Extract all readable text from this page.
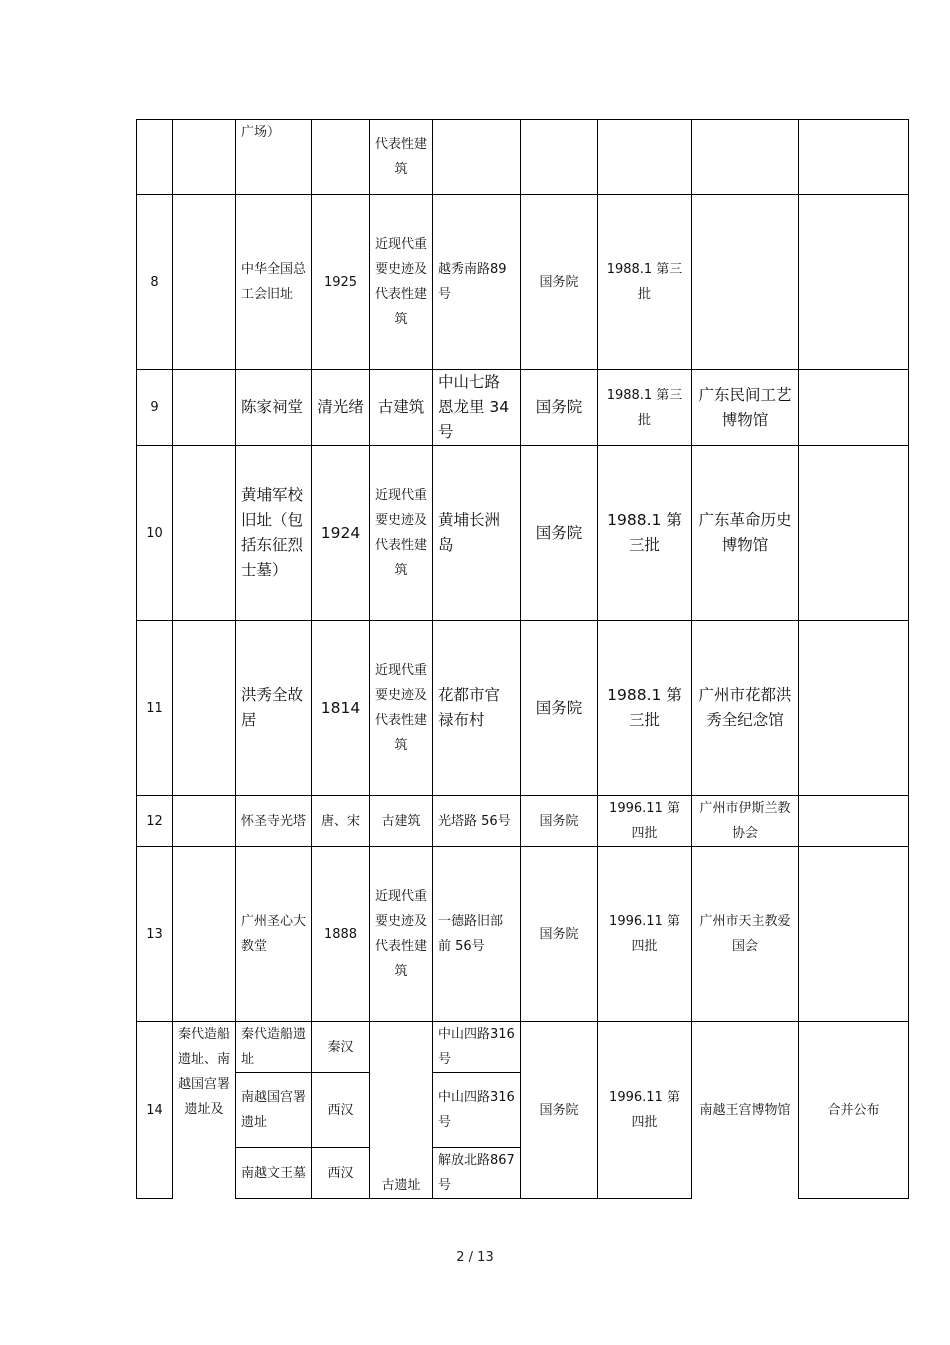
		广场）		代表性建筑					
8		中华全国总工会旧址	1925	近现代重要史迹及代表性建筑	越秀南路89号	国务院	1988.1 第三批		
9		陈家祠堂	清光绪	古建筑	中山七路恩龙里 34号	国务院	1988.1 第三批	广东民间工艺博物馆	
10		黄埔军校旧址（包括东征烈士墓）	1924	近现代重要史迹及代表性建筑	黄埔长洲岛	国务院	1988.1 第三批	广东革命历史博物馆	
11		洪秀全故居	1814	近现代重要史迹及代表性建筑	花都市官禄布村	国务院	1988.1 第三批	广州市花都洪秀全纪念馆	
12		怀圣寺光塔	唐、宋	古建筑	光塔路 56号	国务院	1996.11 第四批	广州市伊斯兰教协会	
13		广州圣心大教堂	1888	近现代重要史迹及代表性建筑	一德路旧部前 56号	国务院	1996.11 第四批	广州市天主教爱国会	
14	秦代造船遗址、南越国宫署遗址及	秦代造船遗址	秦汉	古遗址	中山四路316号	国务院	1996.11 第四批	南越王宫博物馆	合并公布
		南越国宫署遗址	西汉		中山四路316号				
		南越文王墓	西汉		解放北路867号				
2 / 13
